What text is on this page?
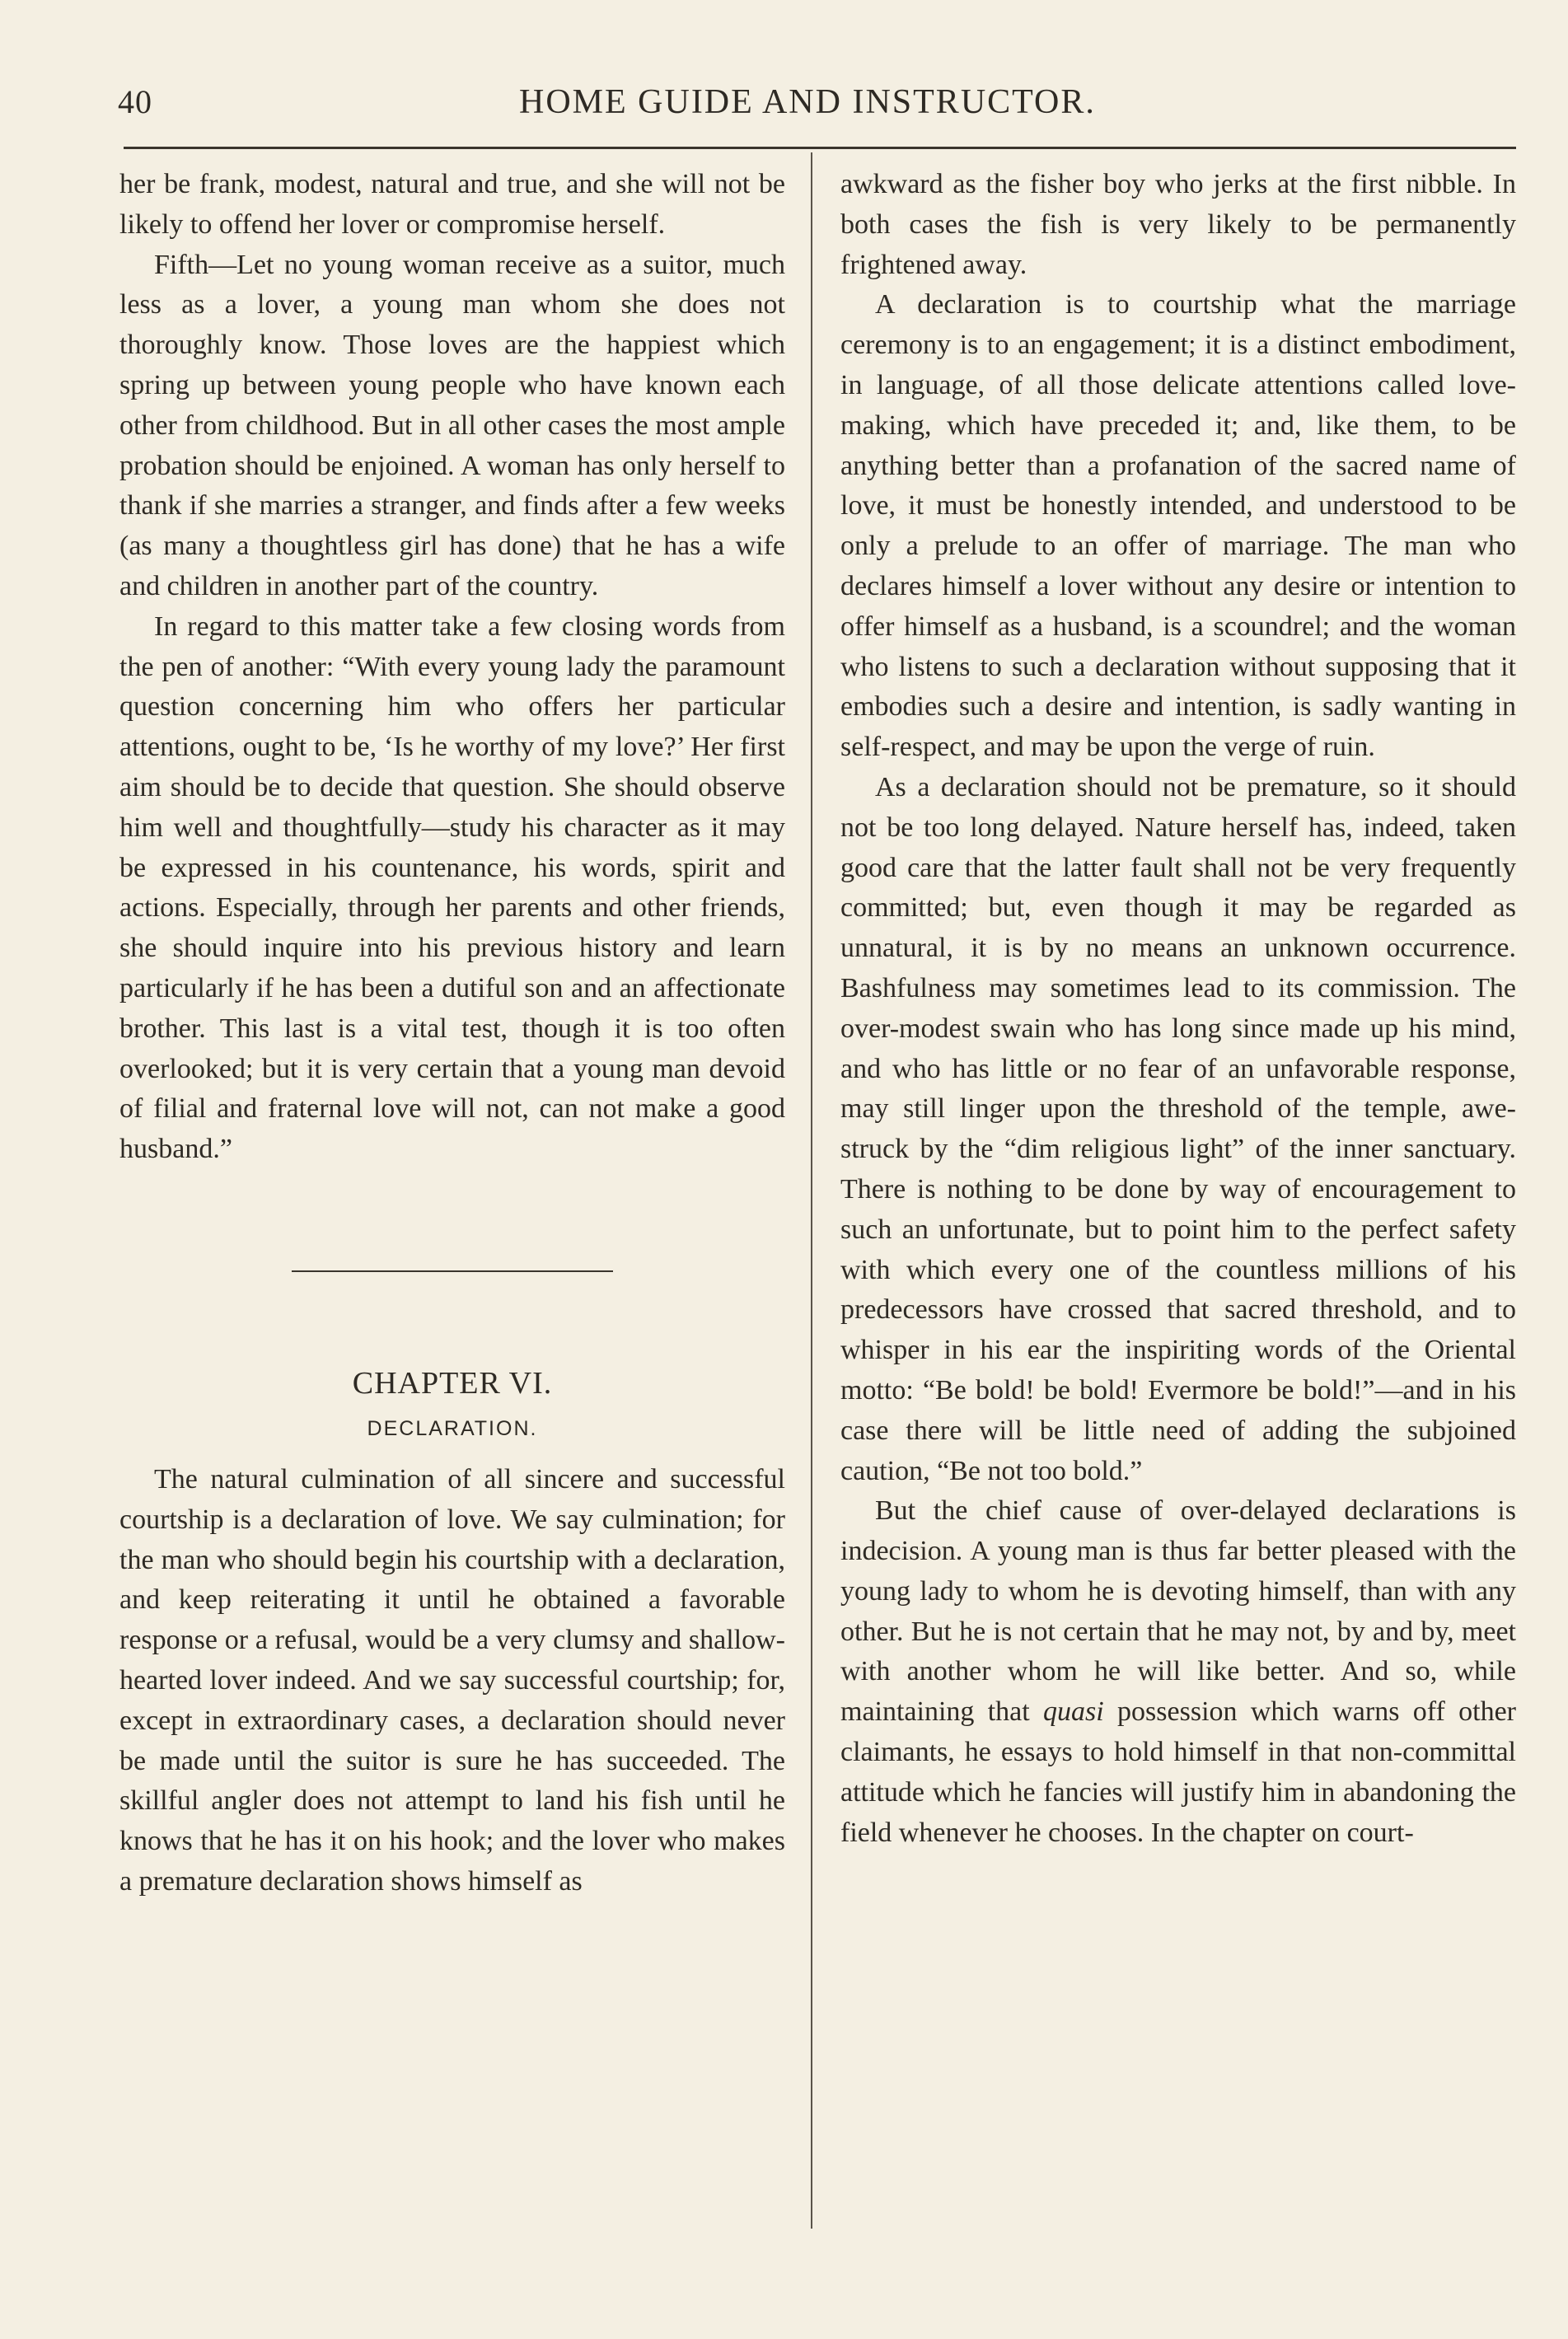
40	HOME GUIDE AND INSTRUCTOR.

her be frank, modest, natural and true, and she will not be likely to offend her lover or compromise herself.

Fifth—Let no young woman receive as a suitor, much less as a lover, a young man whom she does not thoroughly know. Those loves are the happiest which spring up between young people who have known each other from childhood. But in all other cases the most ample probation should be enjoined. A woman has only herself to thank if she marries a stranger, and finds after a few weeks (as many a thoughtless girl has done) that he has a wife and children in another part of the country.

In regard to this matter take a few closing words from the pen of another: “With every young lady the paramount question concerning him who offers her particular attentions, ought to be, ‘Is he worthy of my love?’ Her first aim should be to decide that question. She should observe him well and thoughtfully—study his character as it may be expressed in his countenance, his words, spirit and actions. Especially, through her parents and other friends, she should inquire into his previous history and learn particularly if he has been a dutiful son and an affectionate brother. This last is a vital test, though it is too often overlooked; but it is very certain that a young man devoid of filial and fraternal love will not, can not make a good husband.”

CHAPTER VI.
DECLARATION.

The natural culmination of all sincere and successful courtship is a declaration of love. We say culmination; for the man who should begin his courtship with a declaration, and keep reiterating it until he obtained a favorable response or a refusal, would be a very clumsy and shallow-hearted lover indeed. And we say successful courtship; for, except in extraordinary cases, a declaration should never be made until the suitor is sure he has succeeded. The skillful angler does not attempt to land his fish until he knows that he has it on his hook; and the lover who makes a premature declaration shows himself as

awkward as the fisher boy who jerks at the first nibble. In both cases the fish is very likely to be permanently frightened away.

A declaration is to courtship what the marriage ceremony is to an engagement; it is a distinct embodiment, in language, of all those delicate attentions called love-making, which have preceded it; and, like them, to be anything better than a profanation of the sacred name of love, it must be honestly intended, and understood to be only a prelude to an offer of marriage. The man who declares himself a lover without any desire or intention to offer himself as a husband, is a scoundrel; and the woman who listens to such a declaration without supposing that it embodies such a desire and intention, is sadly wanting in self-respect, and may be upon the verge of ruin.

As a declaration should not be premature, so it should not be too long delayed. Nature herself has, indeed, taken good care that the latter fault shall not be very frequently committed; but, even though it may be regarded as unnatural, it is by no means an unknown occurrence. Bashfulness may sometimes lead to its commission. The over-modest swain who has long since made up his mind, and who has little or no fear of an unfavorable response, may still linger upon the threshold of the temple, awe-struck by the “dim religious light” of the inner sanctuary. There is nothing to be done by way of encouragement to such an unfortunate, but to point him to the perfect safety with which every one of the countless millions of his predecessors have crossed that sacred threshold, and to whisper in his ear the inspiriting words of the Oriental motto: “Be bold! be bold! Evermore be bold!”—and in his case there will be little need of adding the subjoined caution, “Be not too bold.”

But the chief cause of over-delayed declarations is indecision. A young man is thus far better pleased with the young lady to whom he is devoting himself, than with any other. But he is not certain that he may not, by and by, meet with another whom he will like better. And so, while maintaining that quasi possession which warns off other claimants, he essays to hold himself in that non-committal attitude which he fancies will justify him in abandoning the field whenever he chooses. In the chapter on court-
